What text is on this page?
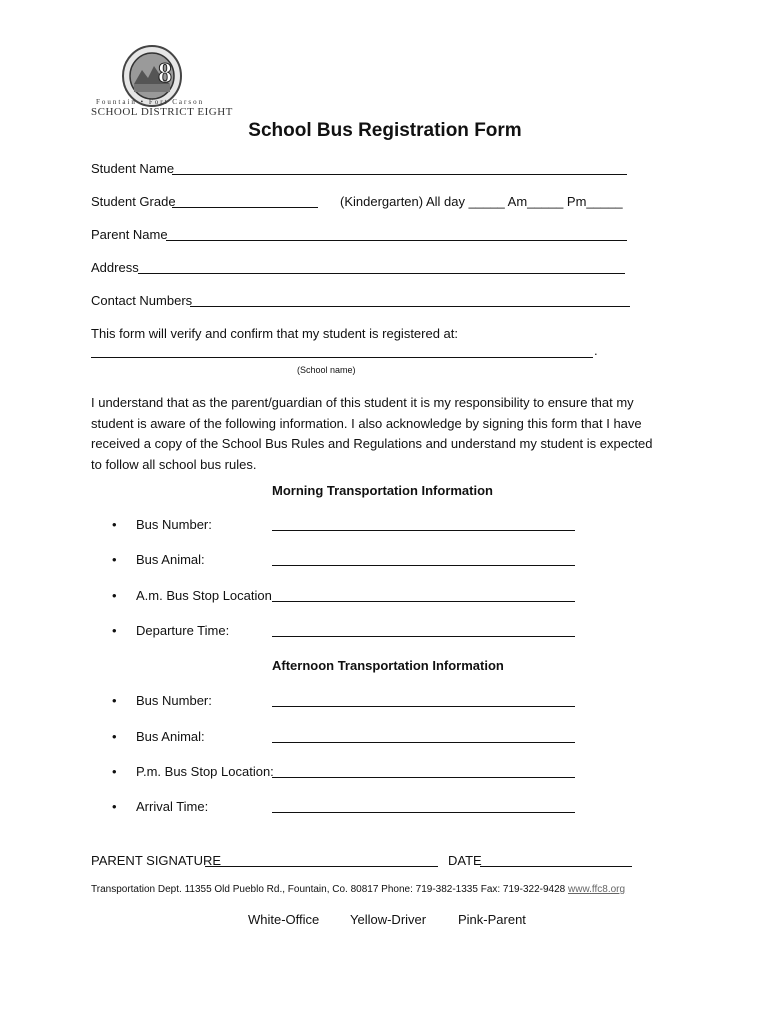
8
Fountain • Fort Carson
SCHOOL DISTRICT EIGHT
School Bus Registration Form
Student Name
Student Grade	(Kindergarten) All day _____ Am_____ Pm_____
Parent Name
Address
Contact Numbers
This form will verify and confirm that my student is registered at:
.
(School name)
I understand that as the parent/guardian of this student it is my responsibility to ensure that my student is aware of the following information. I also acknowledge by signing this form that I have received a copy of the School Bus Rules and Regulations and understand my student is expected to follow all school bus rules.
Morning Transportation Information
• Bus Number:
• Bus Animal:
• A.m. Bus Stop Location
• Departure Time:
Afternoon Transportation Information
• Bus Number:
• Bus Animal:
• P.m. Bus Stop Location:
• Arrival Time:
PARENT SIGNATURE	DATE
Transportation Dept. 11355 Old Pueblo Rd., Fountain, Co. 80817 Phone: 719-382-1335 Fax: 719-322-9428 www.ffc8.org
White-Office Yellow-Driver Pink-Parent
